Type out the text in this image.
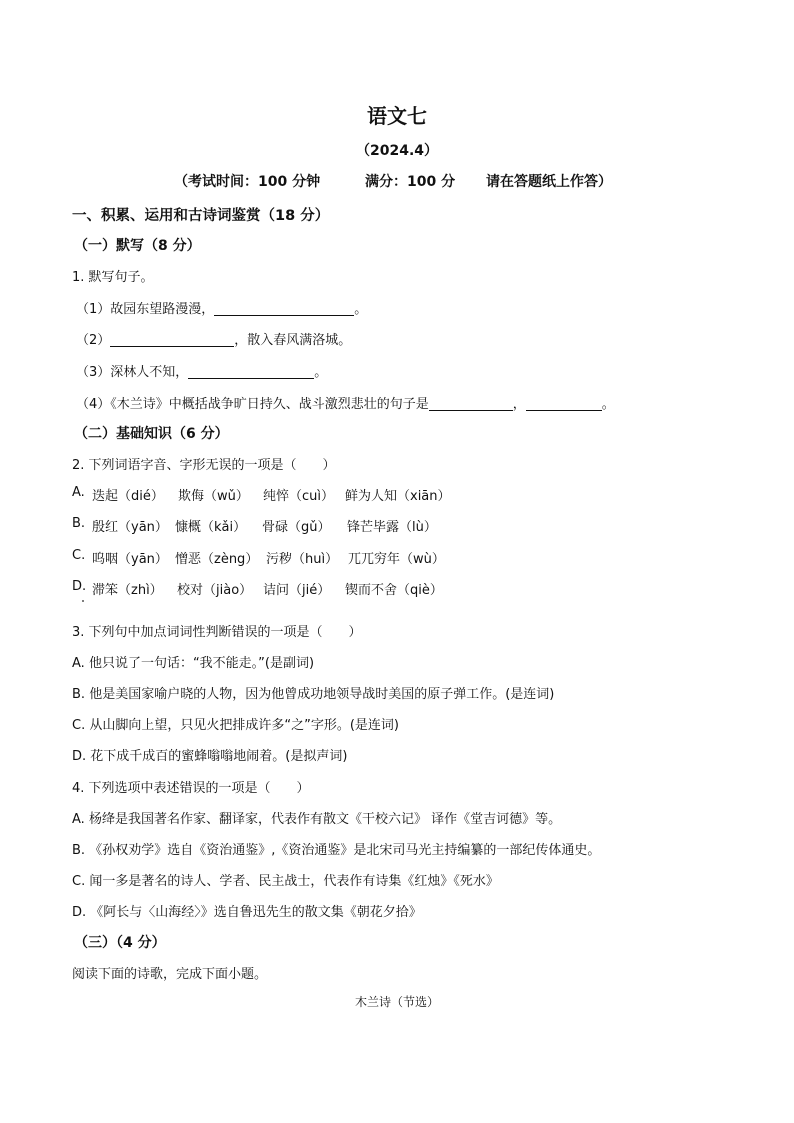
语文七
（2024.4）
（考试时间：100 分钟	满分：100 分 请在答题纸上作答）
一、积累、运用和古诗词鉴赏（18 分）
（一）默写（8 分）
1. 默写句子。
（1）故园东望路漫漫，	。
（2）	，散入春风满洛城。
（3）深林人不知，	。
（4）《木兰诗》中概括战争旷日持久、战斗激烈悲壮的句子是	，	。
（二）基础知识（6 分）
2. 下列词语字音、字形无误的一项是（　　）
A. 迭起（dié） 欺侮（wǔ） 纯悴（cuì） 鲜为人知（xiān）
B. 殷红（yān） 慷概（kǎi） 骨碌（gǔ） 锋芒毕露（lù）
C. 呜咽（yān） 憎恶（zèng） 污秽（huì） 兀兀穷年（wù）
D. 滞笨（zhì） 校对（jiào） 诘问（jié） 锲而不舍（qiè）
3. 下列句中加点词词性判断错误的一项是（　　）
A. 他只说了一句话：“我不能走。”(是副词)
B. 他是美国家喻户晓的人物，因为他曾成功地领导战时美国的原子弹工作。(是连词)
C. 从山脚向上望，只见火把排成许多“之”字形。(是连词)
D. 花下成千成百的蜜蜂嗡嗡地闹着。(是拟声词)
4. 下列选项中表述错误的一项是（　　）
A. 杨绛是我国著名作家、翻译家，代表作有散文《干校六记》 译作《堂吉诃德》等。
B. 《孙权劝学》选自《资治通鉴》,《资治通鉴》是北宋司马光主持编纂的一部纪传体通史。
C. 闻一多是著名的诗人、学者、民主战士，代表作有诗集《红烛》《死水》
D. 《阿长与〈山海经〉》选自鲁迅先生的散文集《朝花夕拾》
（三）（4 分）
阅读下面的诗歌，完成下面小题。
木兰诗（节选）
